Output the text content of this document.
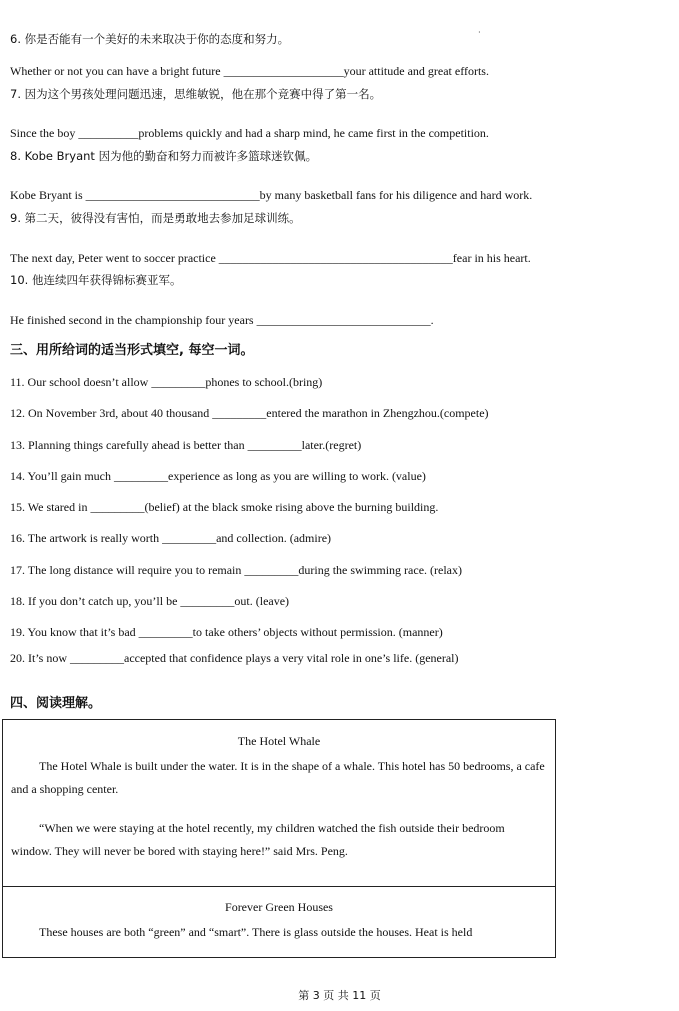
·
6. 你是否能有一个美好的未来取决于你的态度和努力。
Whether or not you can have a bright future ____________________your attitude and great efforts.
7. 因为这个男孩处理问题迅速，思维敏锐，他在那个竞赛中得了第一名。
Since the boy __________problems quickly and had a sharp mind, he came first in the competition.
8. Kobe Bryant 因为他的勤奋和努力而被许多篮球迷钦佩。
Kobe Bryant is _____________________________by many basketball fans for his diligence and hard work.
9. 第二天，彼得没有害怕，而是勇敢地去参加足球训练。
The next day, Peter went to soccer practice _______________________________________fear in his heart.
10. 他连续四年获得锦标赛亚军。
He finished second in the championship four years _____________________________.
三、用所给词的适当形式填空, 每空一词。
11. Our school doesn’t allow _________phones to school.(bring)
12. On November 3rd, about 40 thousand _________entered the marathon in Zhengzhou.(compete)
13. Planning things carefully ahead is better than _________later.(regret)
14. You’ll gain much _________experience as long as you are willing to work. (value)
15. We stared in _________(belief) at the black smoke rising above the burning building.
16. The artwork is really worth _________and collection. (admire)
17. The long distance will require you to remain _________during the swimming race. (relax)
18. If you don’t catch up, you’ll be _________out. (leave)
19. You know that it’s bad _________to take others’ objects without permission. (manner)
20. It’s now _________accepted that confidence plays a very vital role in one’s life. (general)
四、阅读理解。
The Hotel Whale
The Hotel Whale is built under the water. It is in the shape of a whale. This hotel has 50 bedrooms, a cafe and a shopping center.
“When we were staying at the hotel recently, my children watched the fish outside their bedroom window. They will never be bored with staying here!” said Mrs. Peng.
Forever Green Houses
These houses are both “green” and “smart”. There is glass outside the houses. Heat is held
第 3 页 共 11 页
